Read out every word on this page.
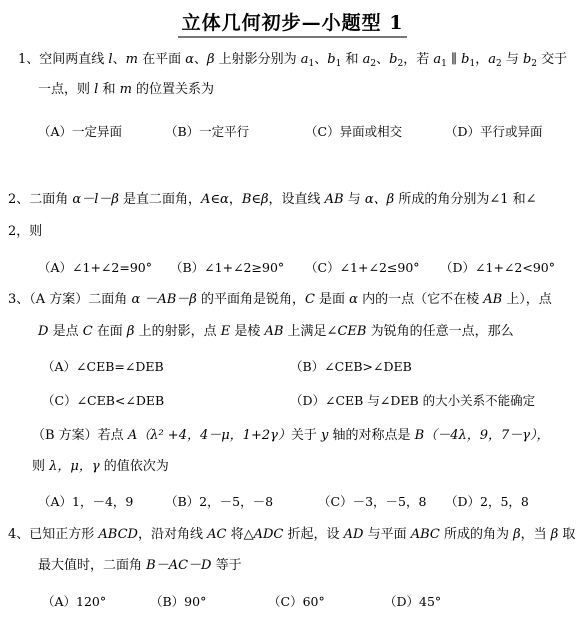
立体几何初步—小题型 1
1、空间两直线 l、m 在平面 α、β 上射影分别为 $a_1$、$b_1$ 和 $a_2$、$b_2$，若 $a_1$ ∥ $b_1$，$a_2$ 与 $b_2$ 交于
一点，则 l 和 m 的位置关系为
（A）一定异面	（B）一定平行	（C）异面或相交	（D）平行或异面
2、二面角 α－l－β 是直二面角，A∈α，B∈β，设直线 AB 与 α、β 所成的角分别为∠1 和∠
2，则
（A）∠1+∠2=90° （B）∠1+∠2≥90° （C）∠1+∠2≤90° （D）∠1+∠2<90°
3、（A 方案）二面角 α －AB－β 的平面角是锐角，C 是面 α 内的一点（它不在棱 AB 上），点
D 是点 C 在面 β 上的射影，点 E 是棱 AB 上满足∠CEB 为锐角的任意一点，那么
（A）∠CEB=∠DEB	（B）∠CEB>∠DEB
（C）∠CEB<∠DEB	（D）∠CEB 与∠DEB 的大小关系不能确定
（B 方案）若点 A（λ² +4，4－μ，1+2γ）关于 y 轴的对称点是 B（－4λ，9，7－γ），
则 λ，μ，γ 的值依次为
（A）1，－4，9	（B）2，－5，－8	（C）－3，－5，8 （D）2，5，8
4、已知正方形 ABCD，沿对角线 AC 将△ADC 折起，设 AD 与平面 ABC 所成的角为 β，当 β 取
最大值时，二面角 B－AC－D 等于
（A）120°	（B）90°	（C）60°	（D）45°
